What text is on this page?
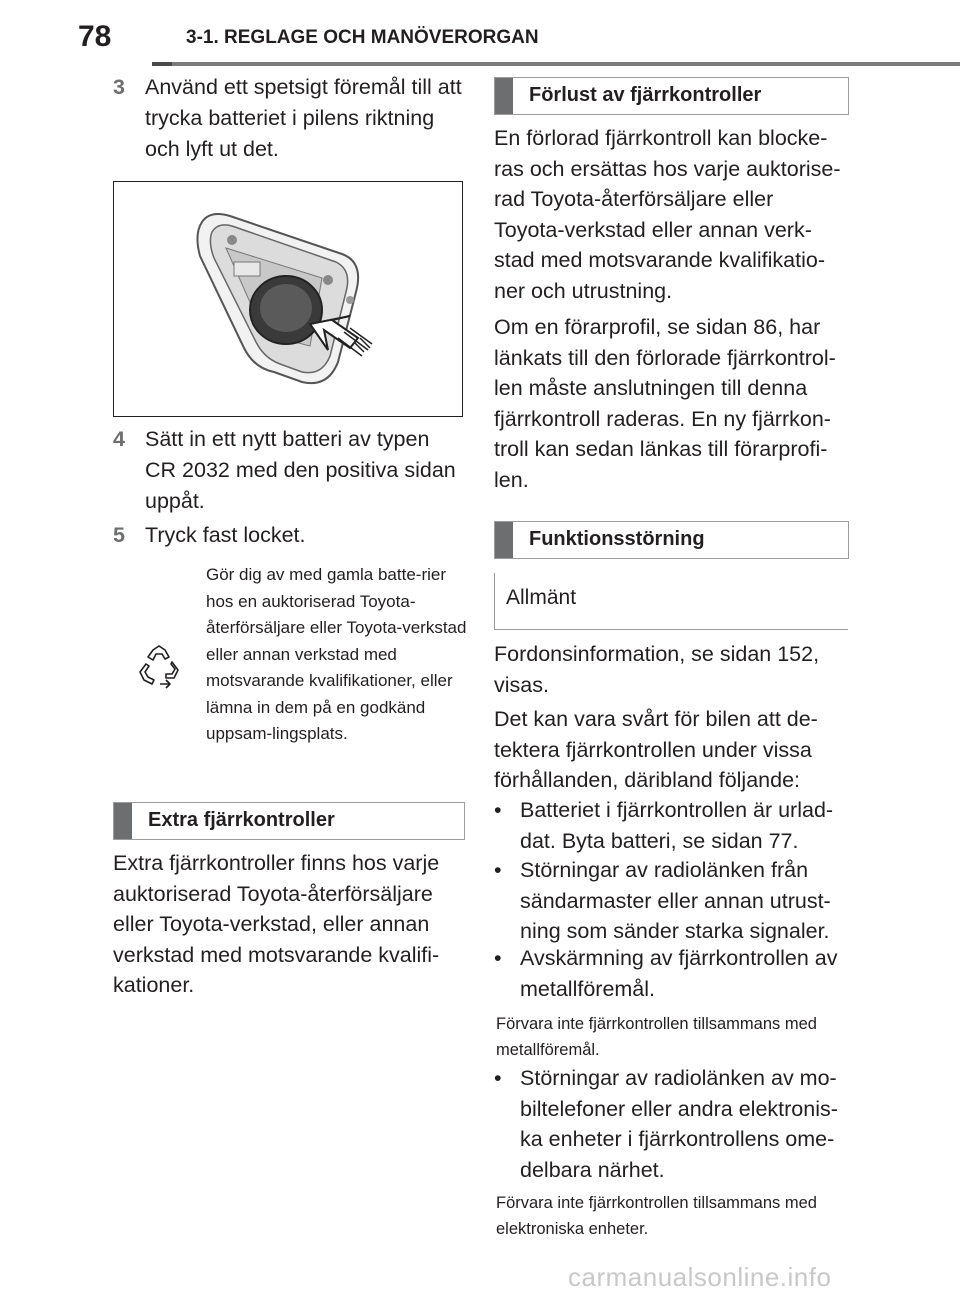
78	3-1. REGLAGE OCH MANÖVERORGAN
3 Använd ett spetsigt föremål till att trycka batteriet i pilens riktning och lyft ut det.
4 Sätt in ett nytt batteri av typen CR 2032 med den positiva sidan uppåt.
5 Tryck fast locket.
Gör dig av med gamla batte-rier hos en auktoriserad Toyota-återförsäljare eller Toyota-verkstad eller annan verkstad med motsvarande kvalifikationer, eller lämna in dem på en godkänd uppsam-lingsplats.
Extra fjärrkontroller
Extra fjärrkontroller finns hos varje auktoriserad Toyota-återförsäljare eller Toyota-verkstad, eller annan verkstad med motsvarande kvalifi-kationer.
Förlust av fjärrkontroller
En förlorad fjärrkontroll kan blocke-ras och ersättas hos varje auktorise-rad Toyota-återförsäljare eller Toyota-verkstad eller annan verk-stad med motsvarande kvalifikatio-ner och utrustning.
Om en förarprofil, se sidan 86, har länkats till den förlorade fjärrkontrol-len måste anslutningen till denna fjärrkontroll raderas. En ny fjärrkon-troll kan sedan länkas till förarprofi-len.
Funktionsstörning
Allmänt
Fordonsinformation, se sidan 152, visas.
Det kan vara svårt för bilen att de-tektera fjärrkontrollen under vissa förhållanden, däribland följande:
• Batteriet i fjärrkontrollen är urlad-dat. Byta batteri, se sidan 77.
• Störningar av radiolänken från sändarmaster eller annan utrust-ning som sänder starka signaler.
• Avskärmning av fjärrkontrollen av metallföremål.
Förvara inte fjärrkontrollen tillsammans med metallföremål.
• Störningar av radiolänken av mo-biltelefoner eller andra elektronis-ka enheter i fjärrkontrollens ome-delbara närhet.
Förvara inte fjärrkontrollen tillsammans med elektroniska enheter.
carmanualsonline.info
